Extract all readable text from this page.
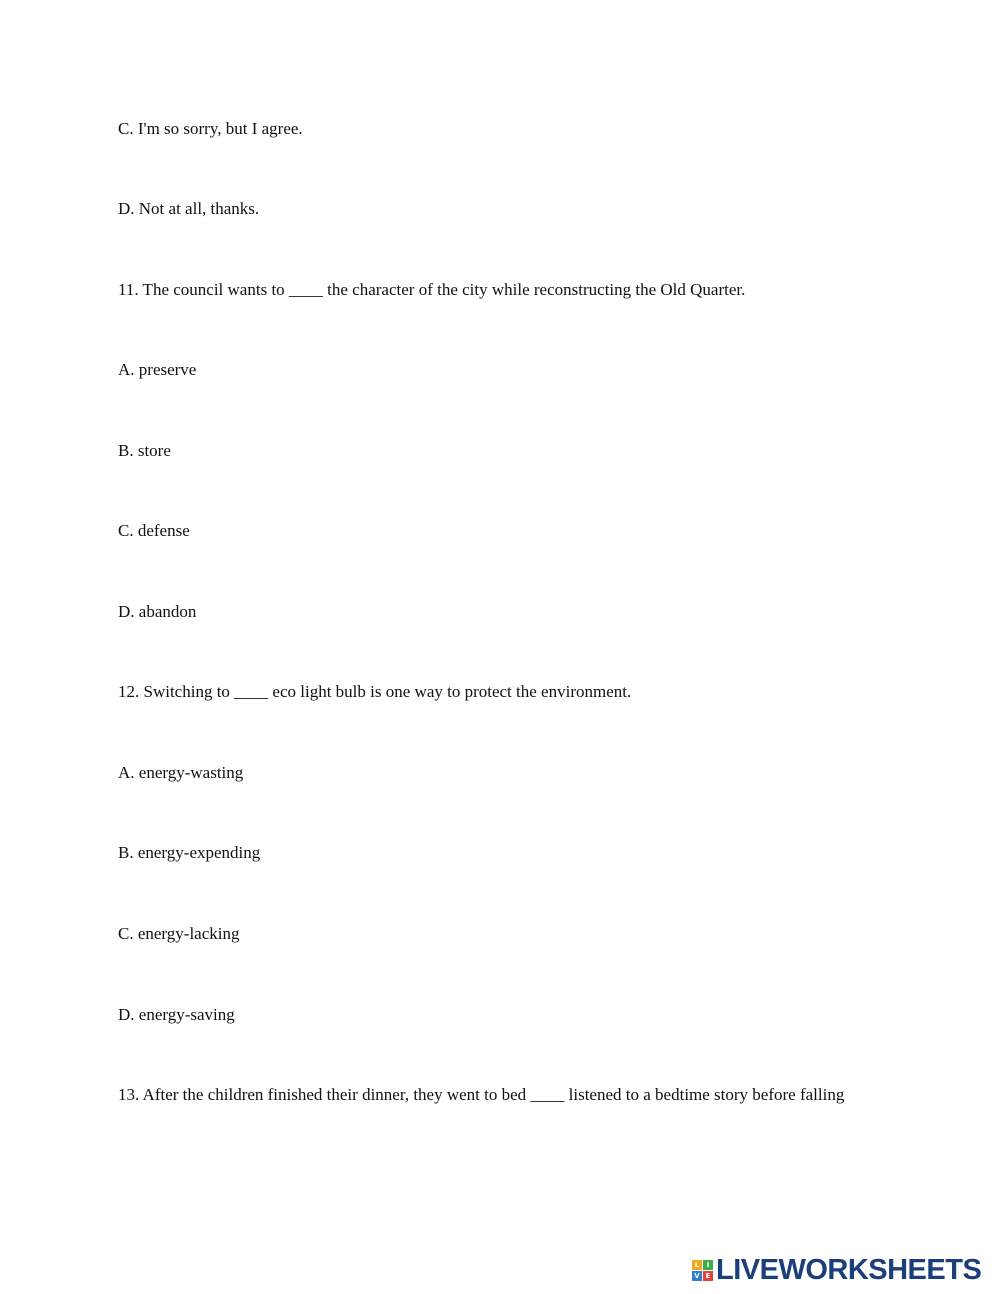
C. I'm so sorry, but I agree.
D. Not at all, thanks.
11. The council wants to ____ the character of the city while reconstructing the Old Quarter.
A. preserve
B. store
C. defense
D. abandon
12. Switching to ____ eco light bulb is one way to protect the environment.
A. energy-wasting
B. energy-expending
C. energy-lacking
D. energy-saving
13. After the children finished their dinner, they went to bed ____ listened to a bedtime story before falling
L	I
V E LIVEWORKSHEETS
